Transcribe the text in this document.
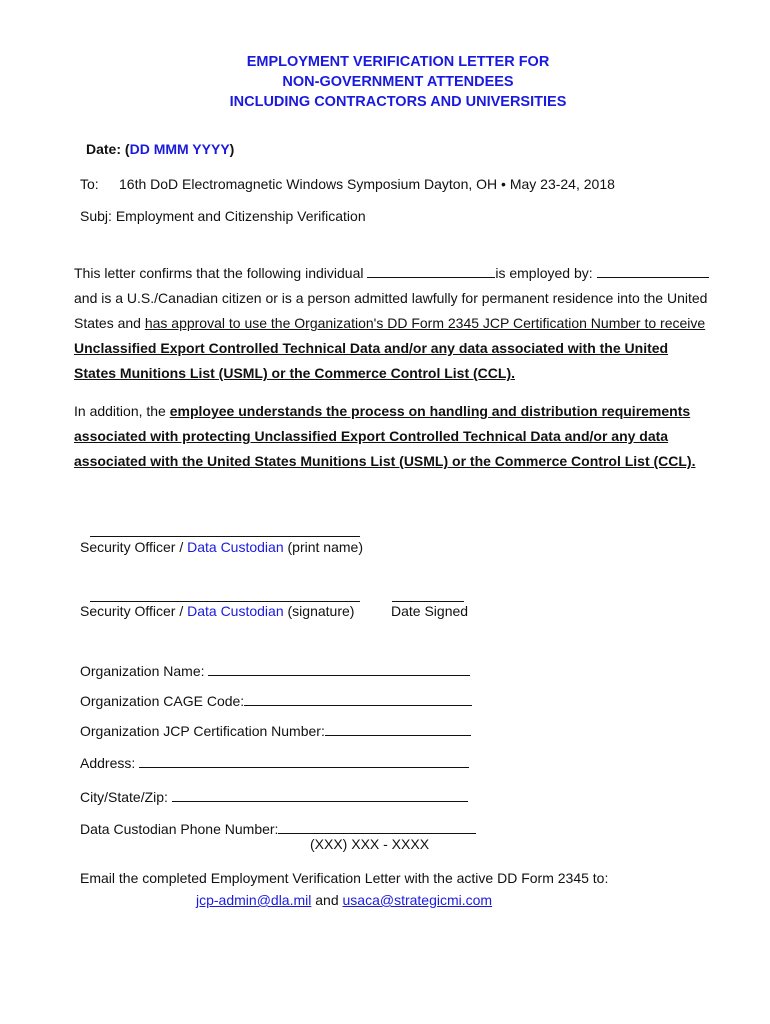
EMPLOYMENT VERIFICATION LETTER FOR
NON-GOVERNMENT ATTENDEES
INCLUDING CONTRACTORS AND UNIVERSITIES
Date: (DD MMM YYYY)
To: 16th DoD Electromagnetic Windows Symposium Dayton, OH • May 23-24, 2018
Subj: Employment and Citizenship Verification
This letter confirms that the following individual	is employed by:
and is a U.S./Canadian citizen or is a person admitted lawfully for permanent residence into the United
States and has approval to use the Organization's DD Form 2345 JCP Certification Number to receive
Unclassified Export Controlled Technical Data and/or any data associated with the United
States Munitions List (USML) or the Commerce Control List (CCL).
In addition, the employee understands the process on handling and distribution requirements
associated with protecting Unclassified Export Controlled Technical Data and/or any data
associated with the United States Munitions List (USML) or the Commerce Control List (CCL).
Security Officer / Data Custodian (print name)
Security Officer / Data Custodian (signature)	Date Signed
Organization Name:
Organization CAGE Code:
Organization JCP Certification Number:
Address:
City/State/Zip:
Data Custodian Phone Number:
(XXX) XXX - XXXX
Email the completed Employment Verification Letter with the active DD Form 2345 to:
jcp-admin@dla.mil and usaca@strategicmi.com
